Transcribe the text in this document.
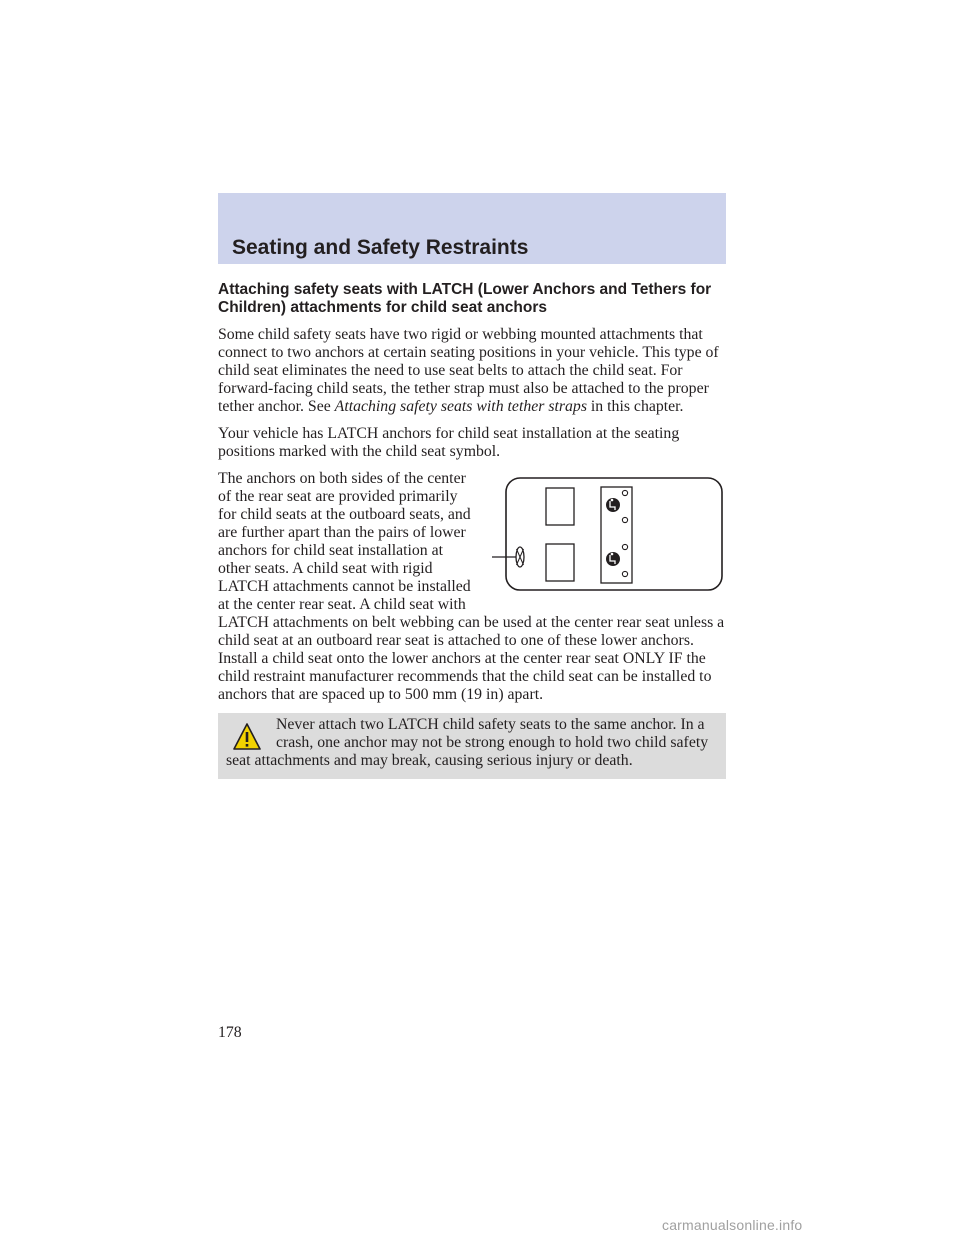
Seating and Safety Restraints
Attaching safety seats with LATCH (Lower Anchors and Tethers for Children) attachments for child seat anchors

Some child safety seats have two rigid or webbing mounted attachments that connect to two anchors at certain seating positions in your vehicle. This type of child seat eliminates the need to use seat belts to attach the child seat. For forward-facing child seats, the tether strap must also be attached to the proper tether anchor. See Attaching safety seats with tether straps in this chapter.

Your vehicle has LATCH anchors for child seat installation at the seating positions marked with the child seat symbol.

The anchors on both sides of the center of the rear seat are provided primarily for child seats at the outboard seats, and are further apart than the pairs of lower anchors for child seat installation at other seats. A child seat with rigid LATCH attachments cannot be installed at the center rear seat. A child seat with LATCH attachments on belt webbing can be used at the center rear seat unless a child seat at an outboard rear seat is attached to one of these lower anchors. Install a child seat onto the lower anchors at the center rear seat ONLY IF the child restraint manufacturer recommends that the child seat can be installed to anchors that are spaced up to 500 mm (19 in) apart.

Never attach two LATCH child safety seats to the same anchor. In a crash, one anchor may not be strong enough to hold two child safety seat attachments and may break, causing serious injury or death.
178
carmanualsonline.info
